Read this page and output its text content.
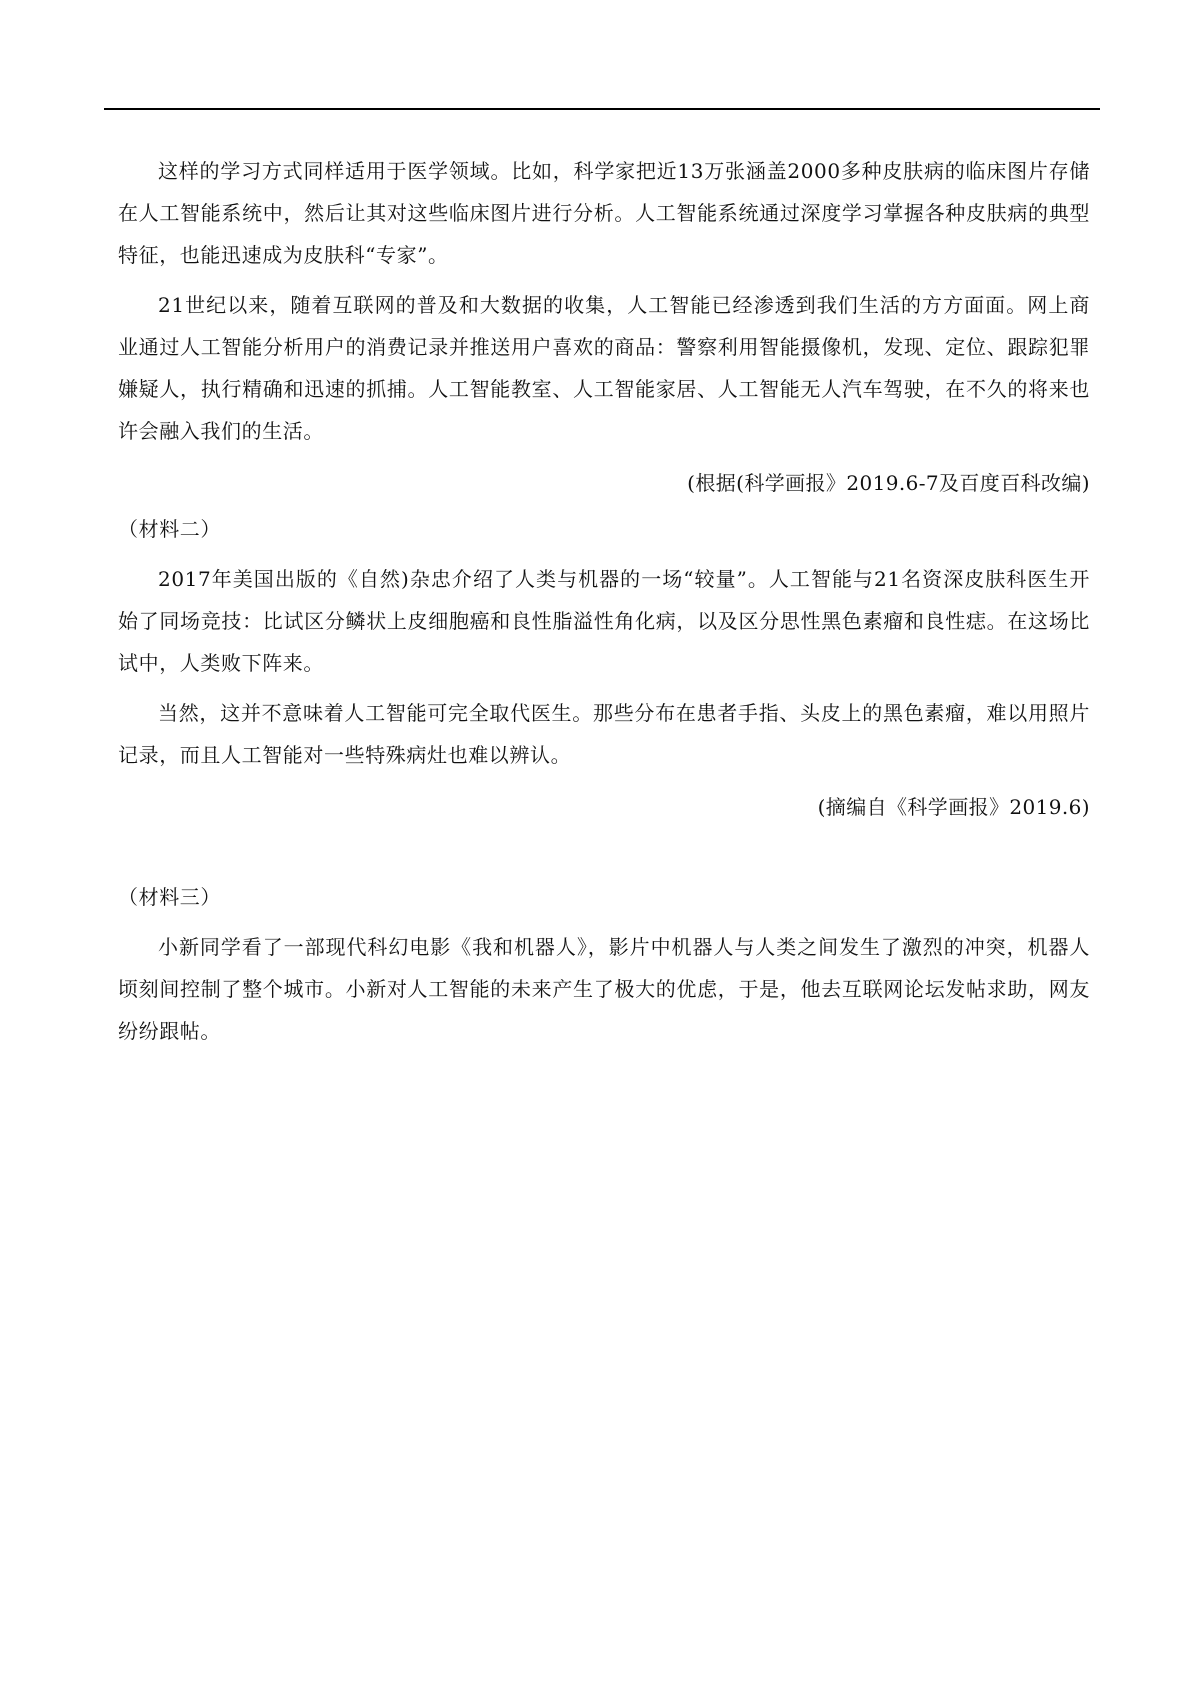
这样的学习方式同样适用于医学领域。比如，科学家把近13万张涵盖2000多种皮肤病的临床图片存储在人工智能系统中，然后让其对这些临床图片进行分析。人工智能系统通过深度学习掌握各种皮肤病的典型特征，也能迅速成为皮肤科“专家”。

21世纪以来，随着互联网的普及和大数据的收集，人工智能已经渗透到我们生活的方方面面。网上商业通过人工智能分析用户的消费记录并推送用户喜欢的商品：警察利用智能摄像机，发现、定位、跟踪犯罪嫌疑人，执行精确和迅速的抓捕。人工智能教室、人工智能家居、人工智能无人汽车驾驶，在不久的将来也许会融入我们的生活。

(根据(科学画报》2019.6-7及百度百科改编)

（材料二）

2017年美国出版的《自然)杂忠介绍了人类与机器的一场“较量”。人工智能与21名资深皮肤科医生开始了同场竞技：比试区分鳞状上皮细胞癌和良性脂溢性角化病，以及区分思性黑色素瘤和良性痣。在这场比试中，人类败下阵来。

当然，这并不意味着人工智能可完全取代医生。那些分布在患者手指、头皮上的黑色素瘤，难以用照片记录，而且人工智能对一些特殊病灶也难以辨认。

(摘编自《科学画报》2019.6)

（材料三）

小新同学看了一部现代科幻电影《我和机器人》，影片中机器人与人类之间发生了激烈的冲突，机器人顷刻间控制了整个城市。小新对人工智能的未来产生了极大的优虑，于是，他去互联网论坛发帖求助，网友纷纷跟帖。
